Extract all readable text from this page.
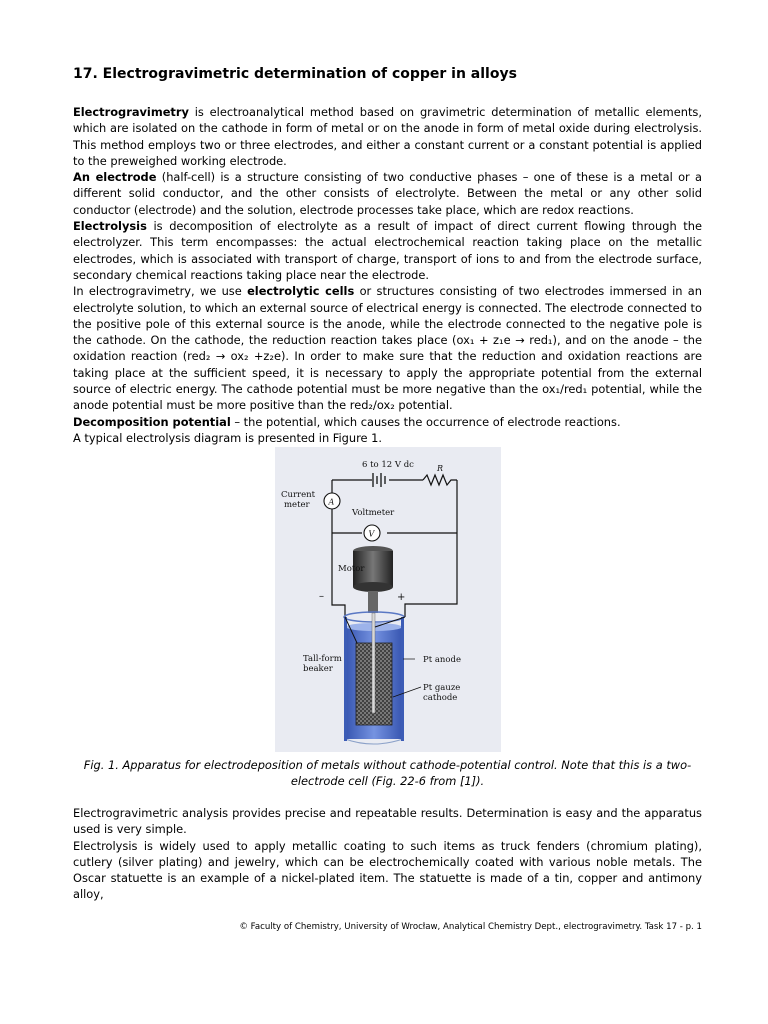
17. Electrogravimetric determination of copper in alloys

Electrogravimetry is electroanalytical method based on gravimetric determination of metallic elements, which are isolated on the cathode in form of metal or on the anode in form of metal oxide during electrolysis. This method employs two or three electrodes, and either a constant current or a constant potential is applied to the preweighed working electrode.

An electrode (half-cell) is a structure consisting of two conductive phases – one of these is a metal or a different solid conductor, and the other consists of electrolyte. Between the metal or any other solid conductor (electrode) and the solution, electrode processes take place, which are redox reactions.

Electrolysis is decomposition of electrolyte as a result of impact of direct current flowing through the electrolyzer. This term encompasses: the actual electrochemical reaction taking place on the metallic electrodes, which is associated with transport of charge, transport of ions to and from the electrode surface, secondary chemical reactions taking place near the electrode.

In electrogravimetry, we use electrolytic cells or structures consisting of two electrodes immersed in an electrolyte solution, to which an external source of electrical energy is connected. The electrode connected to the positive pole of this external source is the anode, while the electrode connected to the negative pole is the cathode. On the cathode, the reduction reaction takes place (ox₁ + z₁e → red₁), and on the anode – the oxidation reaction (red₂ → ox₂ +z₂e). In order to make sure that the reduction and oxidation reactions are taking place at the sufficient speed, it is necessary to apply the appropriate potential from the external source of electric energy. The cathode potential must be more negative than the ox₁/red₁ potential, while the anode potential must be more positive than the red₂/ox₂ potential.

Decomposition potential – the potential, which causes the occurrence of electrode reactions.

A typical electrolysis diagram is presented in Figure 1.

6 to 12 V dc	R
A
Current
meter
V
Voltmeter
Motor
–	+
Tall-form
beaker
Pt anode
Pt gauze
cathode
Fig. 1. Apparatus for electrodeposition of metals without cathode-potential control. Note that this is a two-electrode cell (Fig. 22-6 from [1]).

Electrogravimetric analysis provides precise and repeatable results. Determination is easy and the apparatus used is very simple.

Electrolysis is widely used to apply metallic coating to such items as truck fenders (chromium plating), cutlery (silver plating) and jewelry, which can be electrochemically coated with various noble metals. The Oscar statuette is an example of a nickel-plated item. The statuette is made of a tin, copper and antimony alloy,

© Faculty of Chemistry, University of Wrocław, Analytical Chemistry Dept., electrogravimetry. Task 17 - p. 1
